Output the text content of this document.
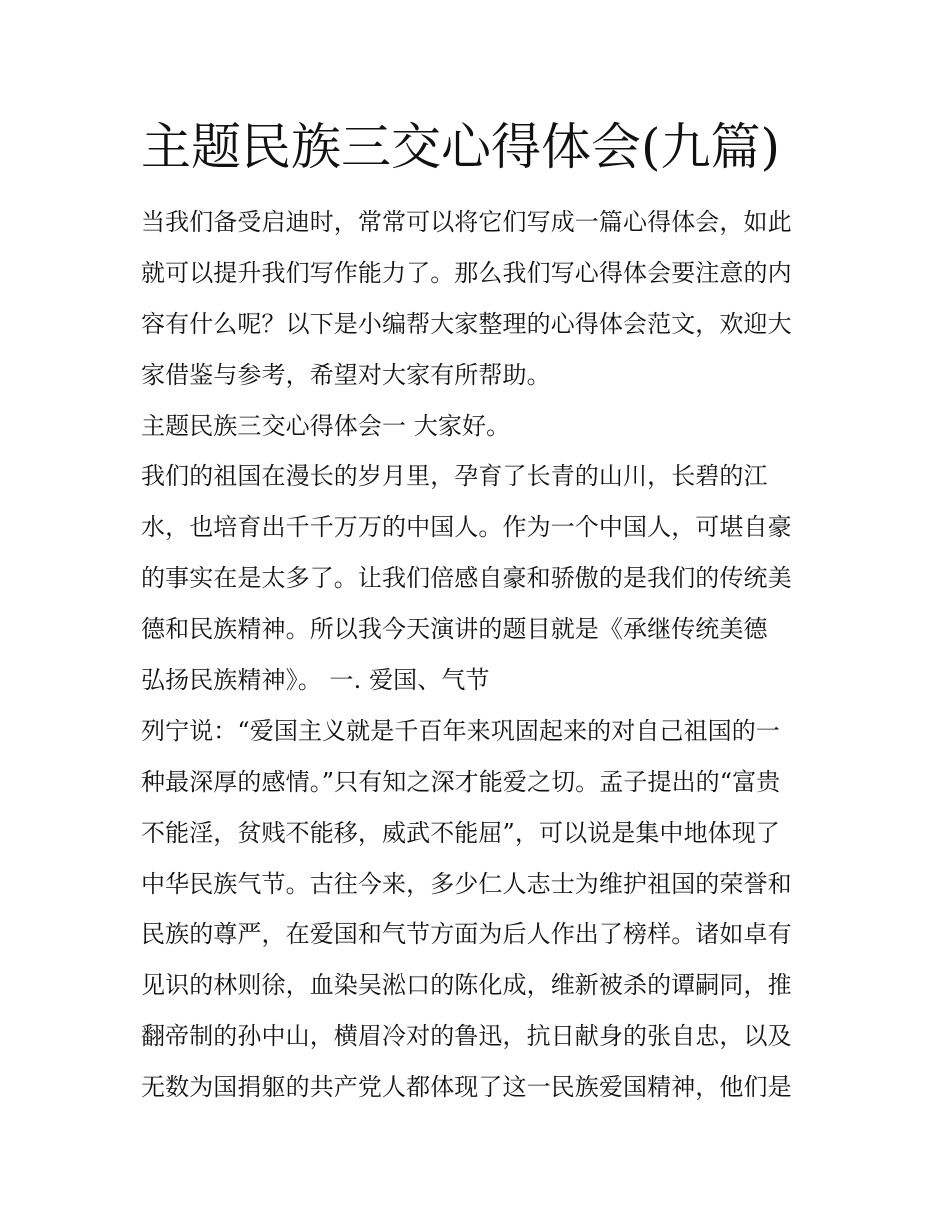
主题民族三交心得体会(九篇)
当我们备受启迪时，常常可以将它们写成一篇心得体会，如此
就可以提升我们写作能力了。那么我们写心得体会要注意的内
容有什么呢？以下是小编帮大家整理的心得体会范文，欢迎大
家借鉴与参考，希望对大家有所帮助。
主题民族三交心得体会一 大家好。
我们的祖国在漫长的岁月里，孕育了长青的山川，长碧的江
水，也培育出千千万万的中国人。作为一个中国人，可堪自豪
的事实在是太多了。让我们倍感自豪和骄傲的是我们的传统美
德和民族精神。所以我今天演讲的题目就是《承继传统美德
弘扬民族精神》。 一. 爱国、气节
列宁说：“爱国主义就是千百年来巩固起来的对自己祖国的一
种最深厚的感情。”只有知之深才能爱之切。孟子提出的“富贵
不能淫，贫贱不能移，威武不能屈”，可以说是集中地体现了
中华民族气节。古往今来，多少仁人志士为维护祖国的荣誉和
民族的尊严，在爱国和气节方面为后人作出了榜样。诸如卓有
见识的林则徐，血染吴淞口的陈化成，维新被杀的谭嗣同，推
翻帝制的孙中山，横眉冷对的鲁迅，抗日献身的张自忠，以及
无数为国捐躯的共产党人都体现了这一民族爱国精神，他们是
